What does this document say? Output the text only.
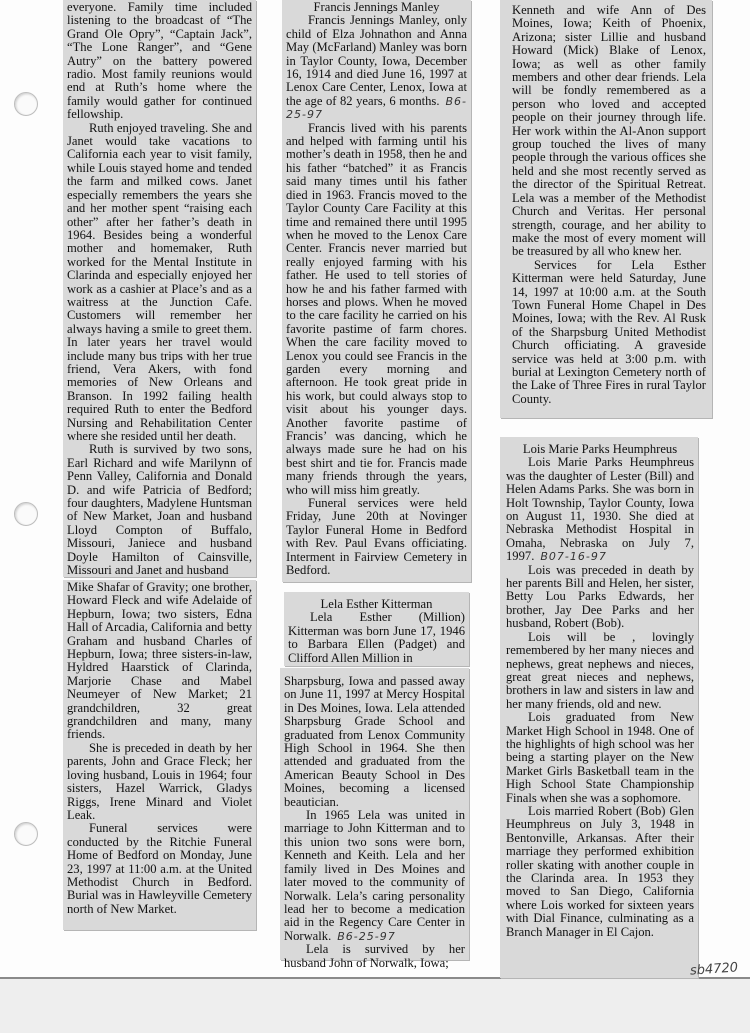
everyone. Family time included listening to the broadcast of “The Grand Ole Opry”, “Captain Jack”, “The Lone Ranger”, and “Gene Autry” on the battery powered radio. Most family reunions would end at Ruth’s home where the family would gather for continued fellowship.

Ruth enjoyed traveling. She and Janet would take vacations to California each year to visit family, while Louis stayed home and tended the farm and milked cows. Janet especially remembers the years she and her mother spent “raising each other” after her father’s death in 1964. Besides being a wonderful mother and homemaker, Ruth worked for the Mental Institute in Clarinda and especially enjoyed her work as a cashier at Place’s and as a waitress at the Junction Cafe. Customers will remember her always having a smile to greet them. In later years her travel would include many bus trips with her true friend, Vera Akers, with fond memories of New Orleans and Branson. In 1992 failing health required Ruth to enter the Bedford Nursing and Rehabilitation Center where she resided until her death.

Ruth is survived by two sons, Earl Richard and wife Marilynn of Penn Valley, California and Donald D. and wife Patricia of Bedford; four daughters, Madylene Huntsman of New Market, Joan and husband Lloyd Compton of Buffalo, Missouri, Janiece and husband Doyle Hamilton of Cainsville, Missouri and Janet and husband

Mike Shafar of Gravity; one brother, Howard Fleck and wife Adelaide of Hepburn, Iowa; two sisters, Edna Hall of Arcadia, California and betty Graham and husband Charles of Hepburn, Iowa; three sisters-in-law, Hyldred Haarstick of Clarinda, Marjorie Chase and Mabel Neumeyer of New Market; 21 grandchildren, 32 great grandchildren and many, many friends.

She is preceded in death by her parents, John and Grace Fleck; her loving husband, Louis in 1964; four sisters, Hazel Warrick, Gladys Riggs, Irene Minard and Violet Leak.

Funeral services were conducted by the Ritchie Funeral Home of Bedford on Monday, June 23, 1997 at 11:00 a.m. at the United Methodist Church in Bedford. Burial was in Hawleyville Cemetery north of New Market.

Francis Jennings Manley

Francis Jennings Manley, only child of Elza Johnathon and Anna May (McFarland) Manley was born in Taylor County, Iowa, December 16, 1914 and died June 16, 1997 at Lenox Care Center, Lenox, Iowa at the age of 82 years, 6 months. B6-25-97

Francis lived with his parents and helped with farming until his mother’s death in 1958, then he and his father “batched” it as Francis said many times until his father died in 1963. Francis moved to the Taylor County Care Facility at this time and remained there until 1995 when he moved to the Lenox Care Center. Francis never married but really enjoyed farming with his father. He used to tell stories of how he and his father farmed with horses and plows. When he moved to the care facility he carried on his favorite pastime of farm chores. When the care facility moved to Lenox you could see Francis in the garden every morning and afternoon. He took great pride in his work, but could always stop to visit about his younger days. Another favorite pastime of Francis’ was dancing, which he always made sure he had on his best shirt and tie for. Francis made many friends through the years, who will miss him greatly.

Funeral services were held Friday, June 20th at Novinger Taylor Funeral Home in Bedford with Rev. Paul Evans officiating. Interment in Fairview Cemetery in Bedford.

Lela Esther Kitterman

Lela Esther (Million) Kitterman was born June 17, 1946 to Barbara Ellen (Padget) and Clifford Allen Million in

Sharpsburg, Iowa and passed away on June 11, 1997 at Mercy Hospital in Des Moines, Iowa. Lela attended Sharpsburg Grade School and graduated from Lenox Community High School in 1964. She then attended and graduated from the American Beauty School in Des Moines, becoming a licensed beautician.

In 1965 Lela was united in marriage to John Kitterman and to this union two sons were born, Kenneth and Keith. Lela and her family lived in Des Moines and later moved to the community of Norwalk. Lela’s caring personality lead her to become a medication aid in the Regency Care Center in Norwalk. B6-25-97

Lela is survived by her husband John of Norwalk, Iowa;

Kenneth and wife Ann of Des Moines, Iowa; Keith of Phoenix, Arizona; sister Lillie and husband Howard (Mick) Blake of Lenox, Iowa; as well as other family members and other dear friends. Lela will be fondly remembered as a person who loved and accepted people on their journey through life. Her work within the Al-Anon support group touched the lives of many people through the various offices she held and she most recently served as the director of the Spiritual Retreat. Lela was a member of the Methodist Church and Veritas. Her personal strength, courage, and her ability to make the most of every moment will be treasured by all who knew her.

Services for Lela Esther Kitterman were held Saturday, June 14, 1997 at 10:00 a.m. at the South Town Funeral Home Chapel in Des Moines, Iowa; with the Rev. Al Rusk of the Sharpsburg United Methodist Church officiating. A graveside service was held at 3:00 p.m. with burial at Lexington Cemetery north of the Lake of Three Fires in rural Taylor County.

Lois Marie Parks Heumphreus

Lois Marie Parks Heumphreus was the daughter of Lester (Bill) and Helen Adams Parks. She was born in Holt Township, Taylor County, Iowa on August 11, 1930. She died at Nebraska Methodist Hospital in Omaha, Nebraska on July 7, 1997. B07-16-97

Lois was preceded in death by her parents Bill and Helen, her sister, Betty Lou Parks Edwards, her brother, Jay Dee Parks and her husband, Robert (Bob).

Lois will be , lovingly remembered by her many nieces and nephews, great nephews and nieces, great great nieces and nephews, brothers in law and sisters in law and her many friends, old and new.

Lois graduated from New Market High School in 1948. One of the highlights of high school was her being a starting player on the New Market Girls Basketball team in the High School State Championship Finals when she was a sophomore.

Lois married Robert (Bob) Glen Heumphreus on July 3, 1948 in Bentonville, Arkansas. After their marriage they performed exhibition roller skating with another couple in the Clarinda area. In 1953 they moved to San Diego, California where Lois worked for sixteen years with Dial Finance, culminating as a Branch Manager in El Cajon.

sb4720
